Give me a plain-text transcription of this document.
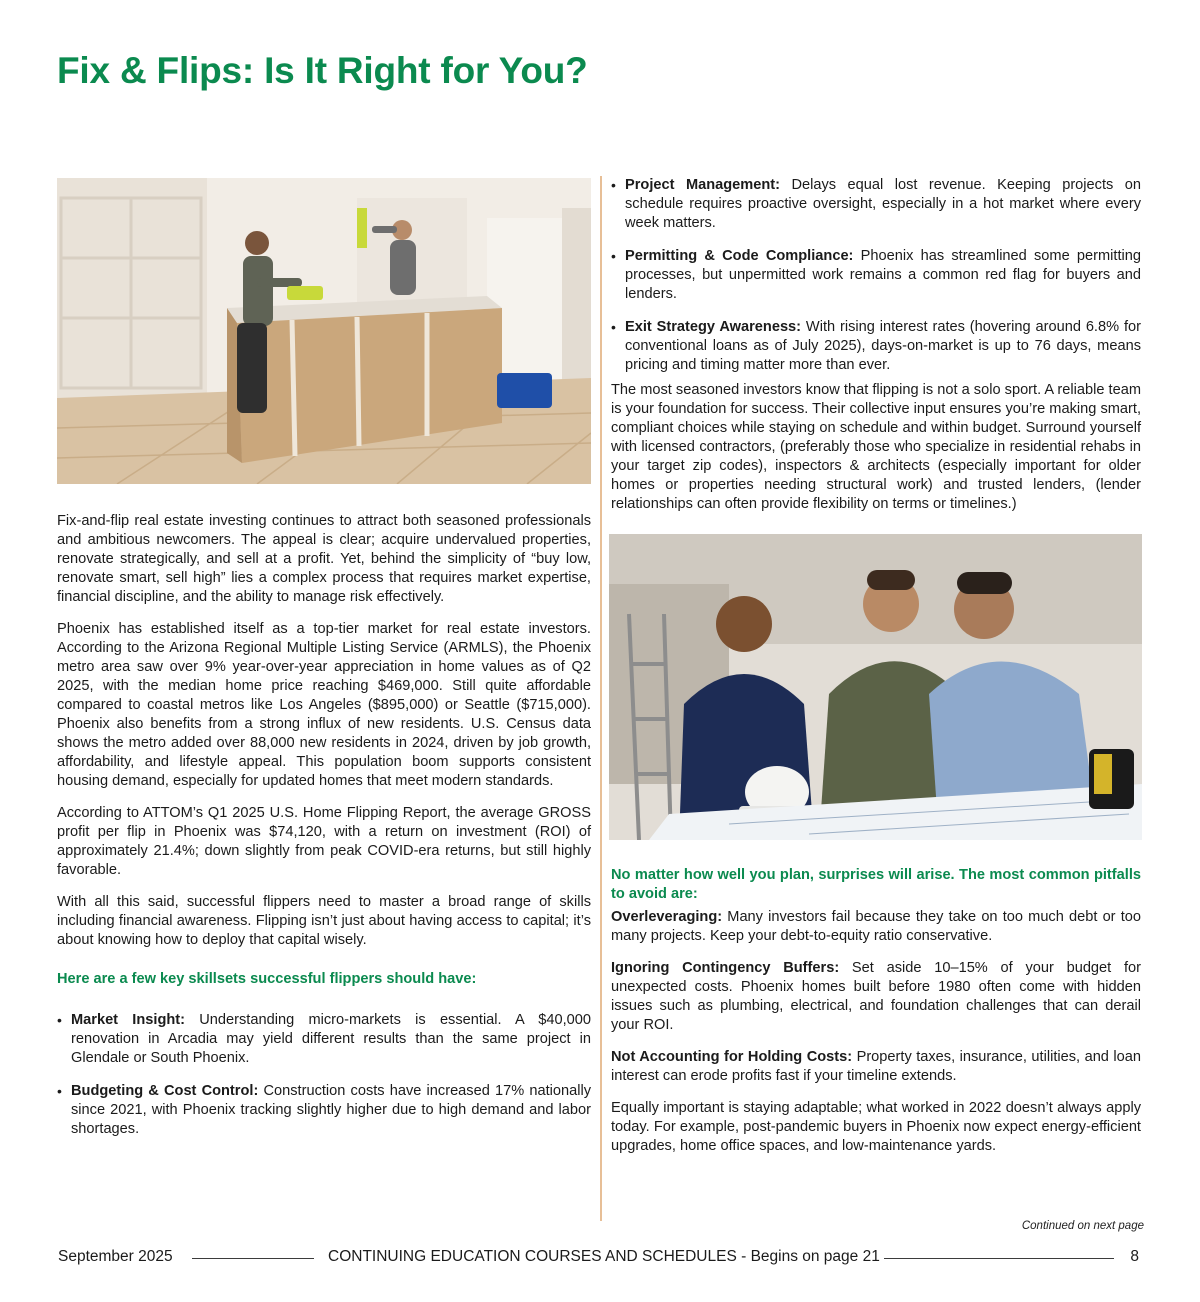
Fix & Flips: Is It Right for You?

Fix-and-flip real estate investing continues to attract both seasoned professionals and ambitious newcomers. The appeal is clear; acquire undervalued properties, renovate strategically, and sell at a profit. Yet, behind the simplicity of “buy low, renovate smart, sell high” lies a complex process that requires market expertise, financial discipline, and the ability to manage risk effectively.

Phoenix has established itself as a top-tier market for real estate investors. According to the Arizona Regional Multiple Listing Service (ARMLS), the Phoenix metro area saw over 9% year-over-year appreciation in home values as of Q2 2025, with the median home price reaching $469,000. Still quite affordable compared to coastal metros like Los Angeles ($895,000) or Seattle ($715,000). Phoenix also benefits from a strong influx of new residents. U.S. Census data shows the metro added over 88,000 new residents in 2024, driven by job growth, affordability, and lifestyle appeal. This population boom supports consistent housing demand, especially for updated homes that meet modern standards.

According to ATTOM’s Q1 2025 U.S. Home Flipping Report, the average GROSS profit per flip in Phoenix was $74,120, with a return on investment (ROI) of approximately 21.4%; down slightly from peak COVID-era returns, but still highly favorable.

With all this said, successful flippers need to master a broad range of skills including financial awareness. Flipping isn’t just about having access to capital; it’s about knowing how to deploy that capital wisely.

Here are a few key skillsets successful flippers should have:

• Market Insight: Understanding micro-markets is essential. A $40,000 renovation in Arcadia may yield different results than the same project in Glendale or South Phoenix.
• Budgeting & Cost Control: Construction costs have increased 17% nationally since 2021, with Phoenix tracking slightly higher due to high demand and labor shortages.
• Project Management: Delays equal lost revenue. Keeping projects on schedule requires proactive oversight, especially in a hot market where every week matters.
• Permitting & Code Compliance: Phoenix has streamlined some permitting processes, but unpermitted work remains a common red flag for buyers and lenders.
• Exit Strategy Awareness: With rising interest rates (hovering around 6.8% for conventional loans as of July 2025), days-on-market is up to 76 days, means pricing and timing matter more than ever.

The most seasoned investors know that flipping is not a solo sport. A reliable team is your foundation for success. Their collective input ensures you’re making smart, compliant choices while staying on schedule and within budget. Surround yourself with licensed contractors, (preferably those who specialize in residential rehabs in your target zip codes), inspectors & architects (especially important for older homes or properties needing structural work) and trusted lenders, (lender relationships can often provide flexibility on terms or timelines.)

No matter how well you plan, surprises will arise. The most common pitfalls to avoid are:

Overleveraging: Many investors fail because they take on too much debt or too many projects. Keep your debt-to-equity ratio conservative.

Ignoring Contingency Buffers: Set aside 10–15% of your budget for unexpected costs. Phoenix homes built before 1980 often come with hidden issues such as plumbing, electrical, and foundation challenges that can derail your ROI.

Not Accounting for Holding Costs: Property taxes, insurance, utilities, and loan interest can erode profits fast if your timeline extends.

Equally important is staying adaptable; what worked in 2022 doesn’t always apply today. For example, post-pandemic buyers in Phoenix now expect energy-efficient upgrades, home office spaces, and low-maintenance yards.

Continued on next page
September 2025	CONTINUING EDUCATION COURSES AND SCHEDULES - Begins on page 21	8
